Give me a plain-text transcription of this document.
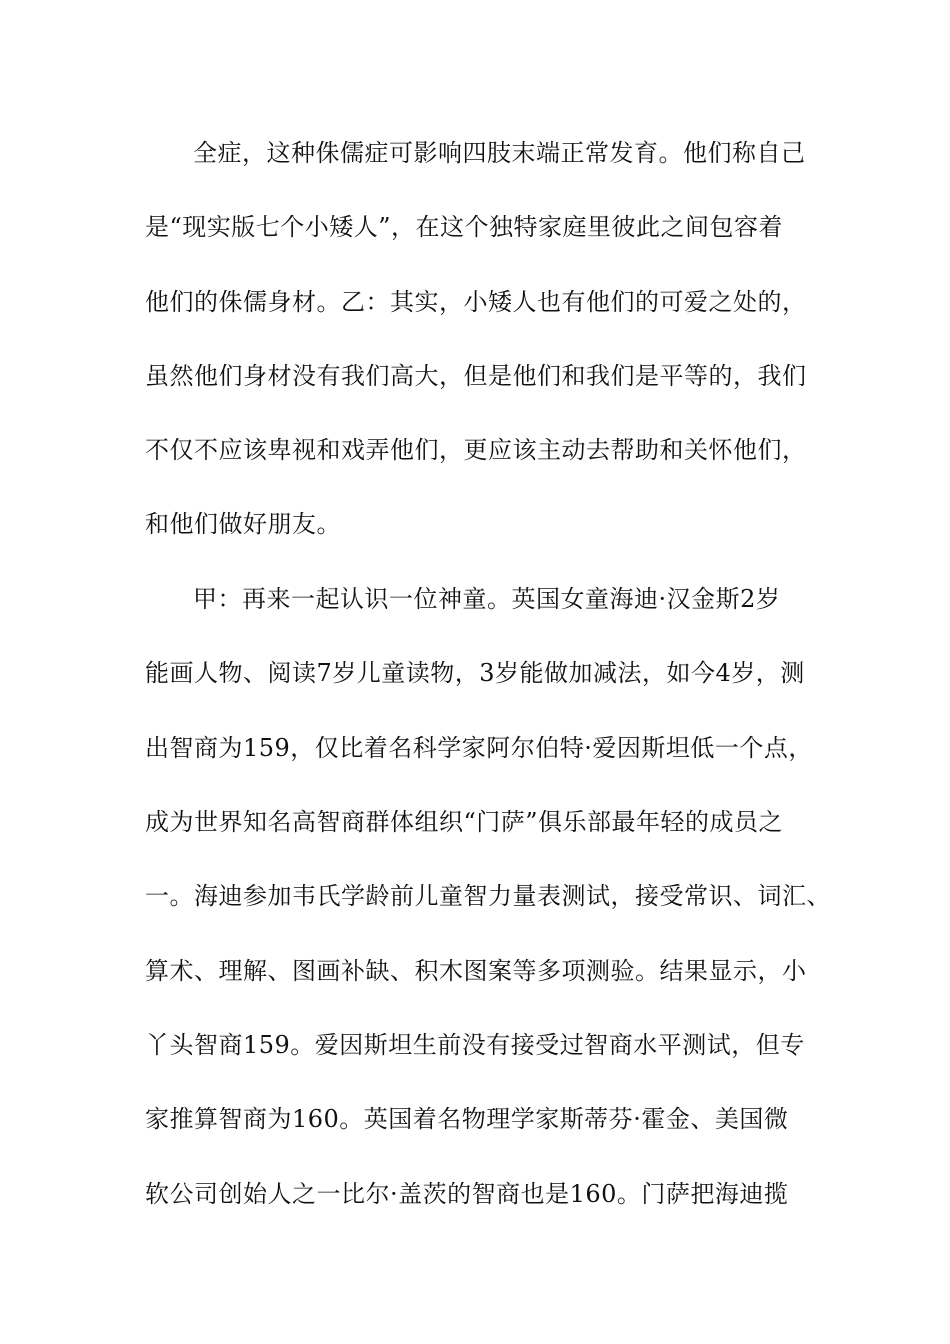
全症，这种侏儒症可影响四肢末端正常发育。他们称自己
是“现实版七个小矮人”，在这个独特家庭里彼此之间包容着
他们的侏儒身材。乙：其实，小矮人也有他们的可爱之处的，
虽然他们身材没有我们高大，但是他们和我们是平等的，我们
不仅不应该卑视和戏弄他们，更应该主动去帮助和关怀他们，
和他们做好朋友。
甲：再来一起认识一位神童。英国女童海迪·汉金斯2岁
能画人物、阅读7岁儿童读物，3岁能做加减法，如今4岁，测
出智商为159，仅比着名科学家阿尔伯特·爱因斯坦低一个点，
成为世界知名高智商群体组织“门萨”俱乐部最年轻的成员之
一。海迪参加韦氏学龄前儿童智力量表测试，接受常识、词汇、
算术、理解、图画补缺、积木图案等多项测验。结果显示，小
丫头智商159。爱因斯坦生前没有接受过智商水平测试，但专
家推算智商为160。英国着名物理学家斯蒂芬·霍金、美国微
软公司创始人之一比尔·盖茨的智商也是160。门萨把海迪揽
